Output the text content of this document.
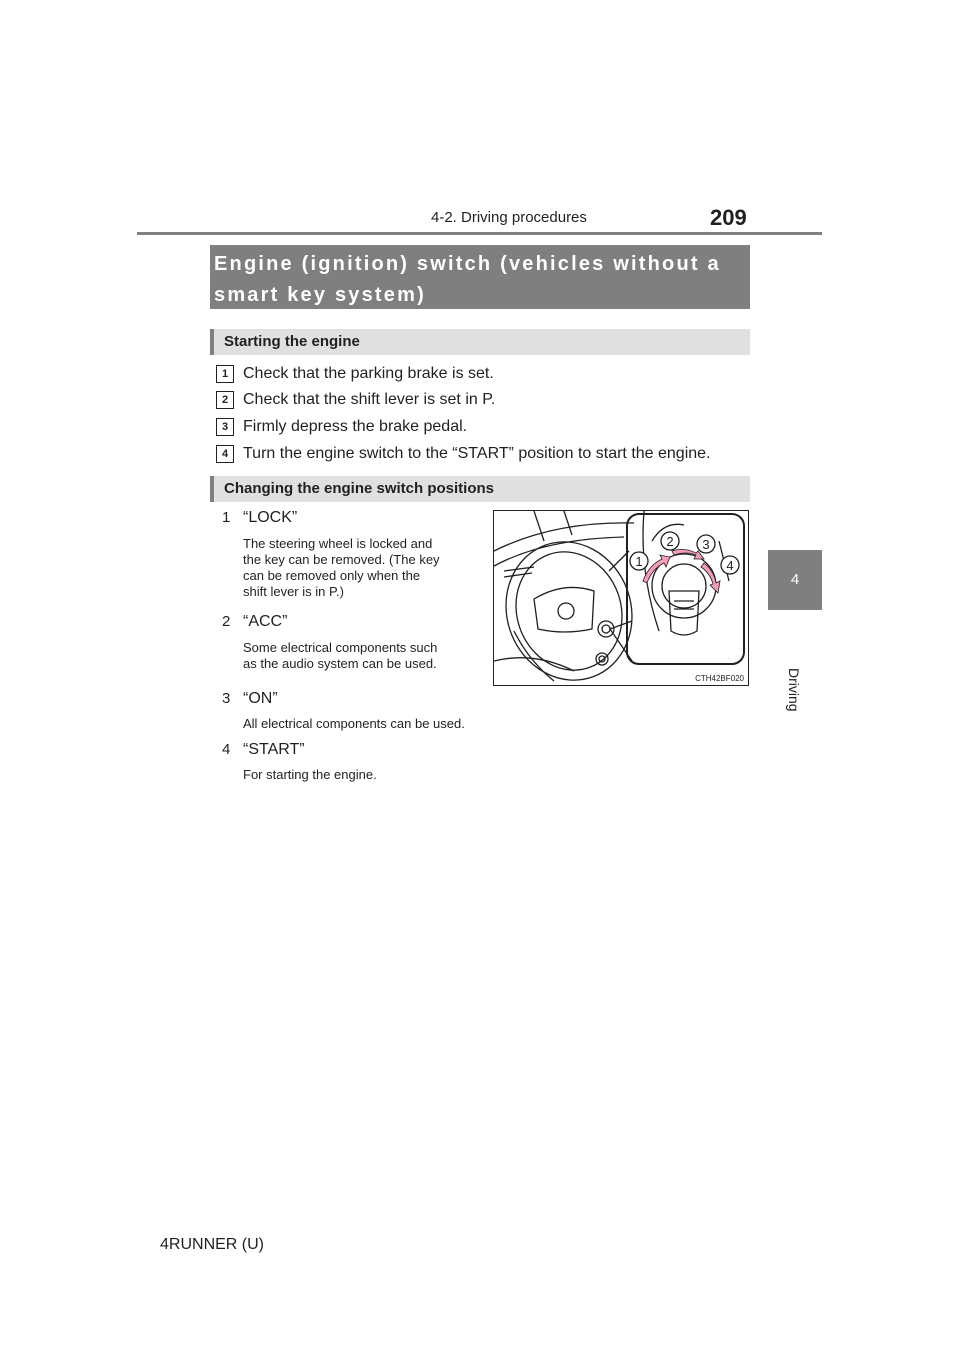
4-2. Driving procedures	209
4
Driving
Engine (ignition) switch (vehicles without a
smart key system)
Starting the engine
1 Check that the parking brake is set.
2 Check that the shift lever is set in P.
3 Firmly depress the brake pedal.
4 Turn the engine switch to the “START” position to start the engine.
Changing the engine switch positions
1 “LOCK”
The steering wheel is locked and
the key can be removed. (The key
can be removed only when the
shift lever is in P.)
2 “ACC”
Some electrical components such
as the audio system can be used.
3 “ON”
All electrical components can be used.
4 “START”
For starting the engine.
1
2 3
4
CTH42BF020
4RUNNER (U)
